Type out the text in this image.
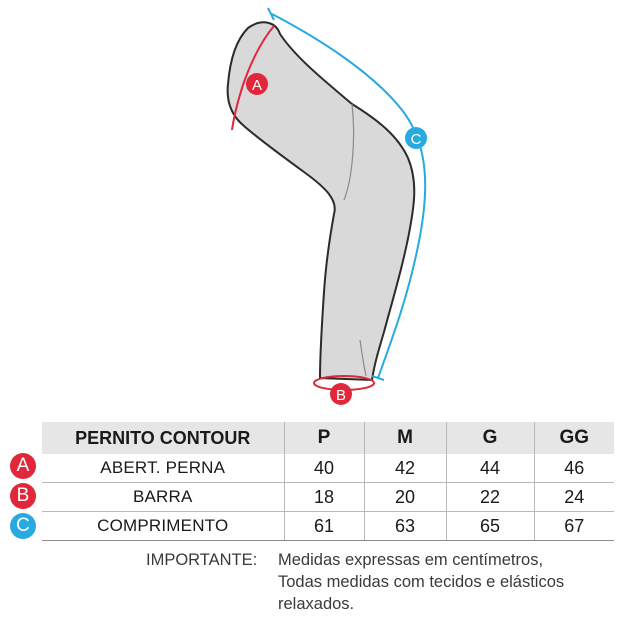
A
B
C
A
B
C
PERNITO CONTOUR	P	M	G	GG
ABERT. PERNA	40	42	44	46
BARRA	18	20	22	24
COMPRIMENTO	61	63	65	67
IMPORTANTE: Medidas expressas em centímetros,
Todas medidas com tecidos e elásticos
relaxados.
